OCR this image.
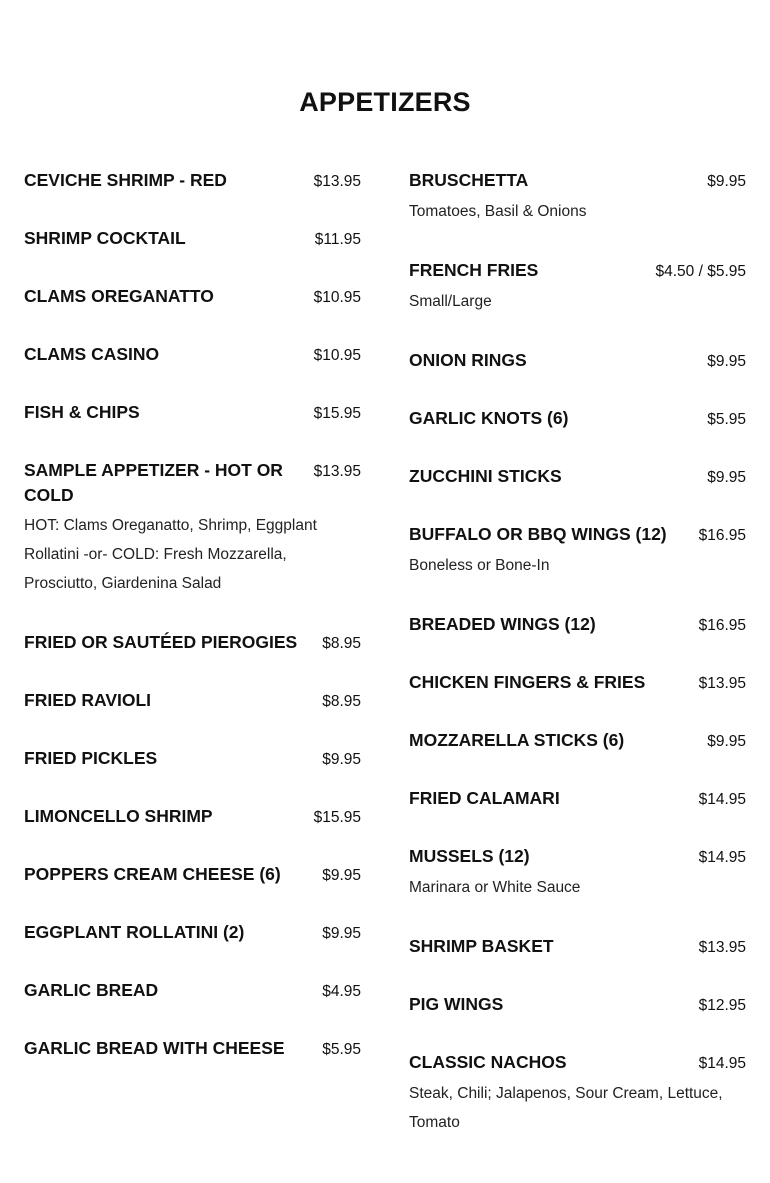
APPETIZERS
CEVICHE SHRIMP - RED	$13.95
SHRIMP COCKTAIL	$11.95
CLAMS OREGANATTO	$10.95
CLAMS CASINO	$10.95
FISH & CHIPS	$15.95
SAMPLE APPETIZER - HOT OR COLD
$13.95
HOT: Clams Oreganatto, Shrimp, Eggplant Rollatini -or- COLD: Fresh Mozzarella, Prosciutto, Giardenina Salad
FRIED OR SAUTÉED PIEROGIES	$8.95
FRIED RAVIOLI	$8.95
FRIED PICKLES	$9.95
LIMONCELLO SHRIMP	$15.95
POPPERS CREAM CHEESE (6)	$9.95
EGGPLANT ROLLATINI (2)	$9.95
GARLIC BREAD	$4.95
GARLIC BREAD WITH CHEESE	$5.95
BRUSCHETTA	$9.95
Tomatoes, Basil & Onions
FRENCH FRIES	$4.50 / $5.95
Small/Large
ONION RINGS	$9.95
GARLIC KNOTS (6)	$5.95
ZUCCHINI STICKS	$9.95
BUFFALO OR BBQ WINGS (12)	$16.95
Boneless or Bone-In
BREADED WINGS (12)	$16.95
CHICKEN FINGERS & FRIES	$13.95
MOZZARELLA STICKS (6)	$9.95
FRIED CALAMARI	$14.95
MUSSELS (12)	$14.95
Marinara or White Sauce
SHRIMP BASKET	$13.95
PIG WINGS	$12.95
CLASSIC NACHOS	$14.95
Steak, Chili; Jalapenos, Sour Cream, Lettuce, Tomato
